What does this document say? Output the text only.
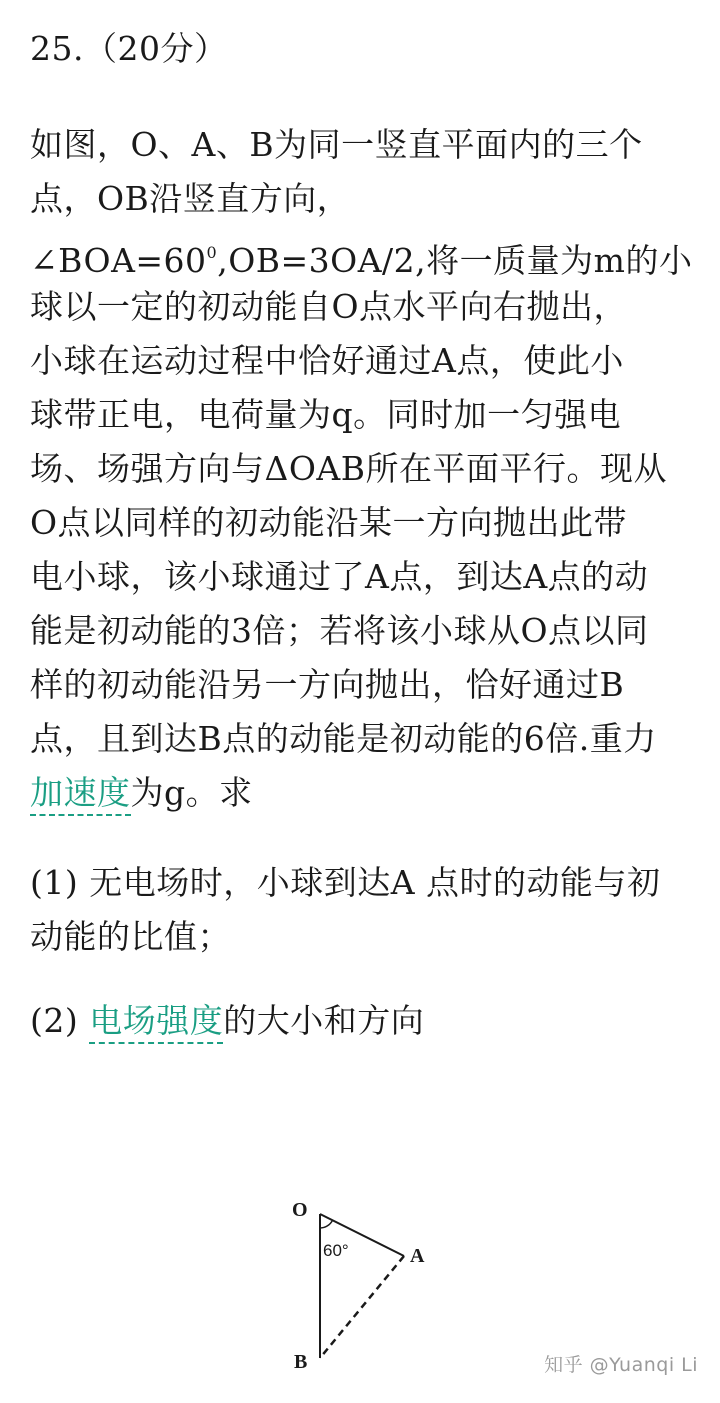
25.（20分）
如图，O、A、B为同一竖直平面内的三个
点，OB沿竖直方向，
$\angle BOA=60^0,OB=3OA/2$,将一质量为m的小
球以一定的初动能自O点水平向右抛出，
小球在运动过程中恰好通过A点，使此小
球带正电，电荷量为q。同时加一匀强电
场、场强方向与ΔOAB所在平面平行。现从
O点以同样的初动能沿某一方向抛出此带
电小球，该小球通过了A点，到达A点的动
能是初动能的3倍；若将该小球从O点以同
样的初动能沿另一方向抛出，恰好通过B
点，且到达B点的动能是初动能的6倍.重力
加速度为g。求
(1) 无电场时，小球到达A 点时的动能与初
动能的比值；
(2) 电场强度的大小和方向
O
A
B
60°
知乎 @Yuanqi Li
